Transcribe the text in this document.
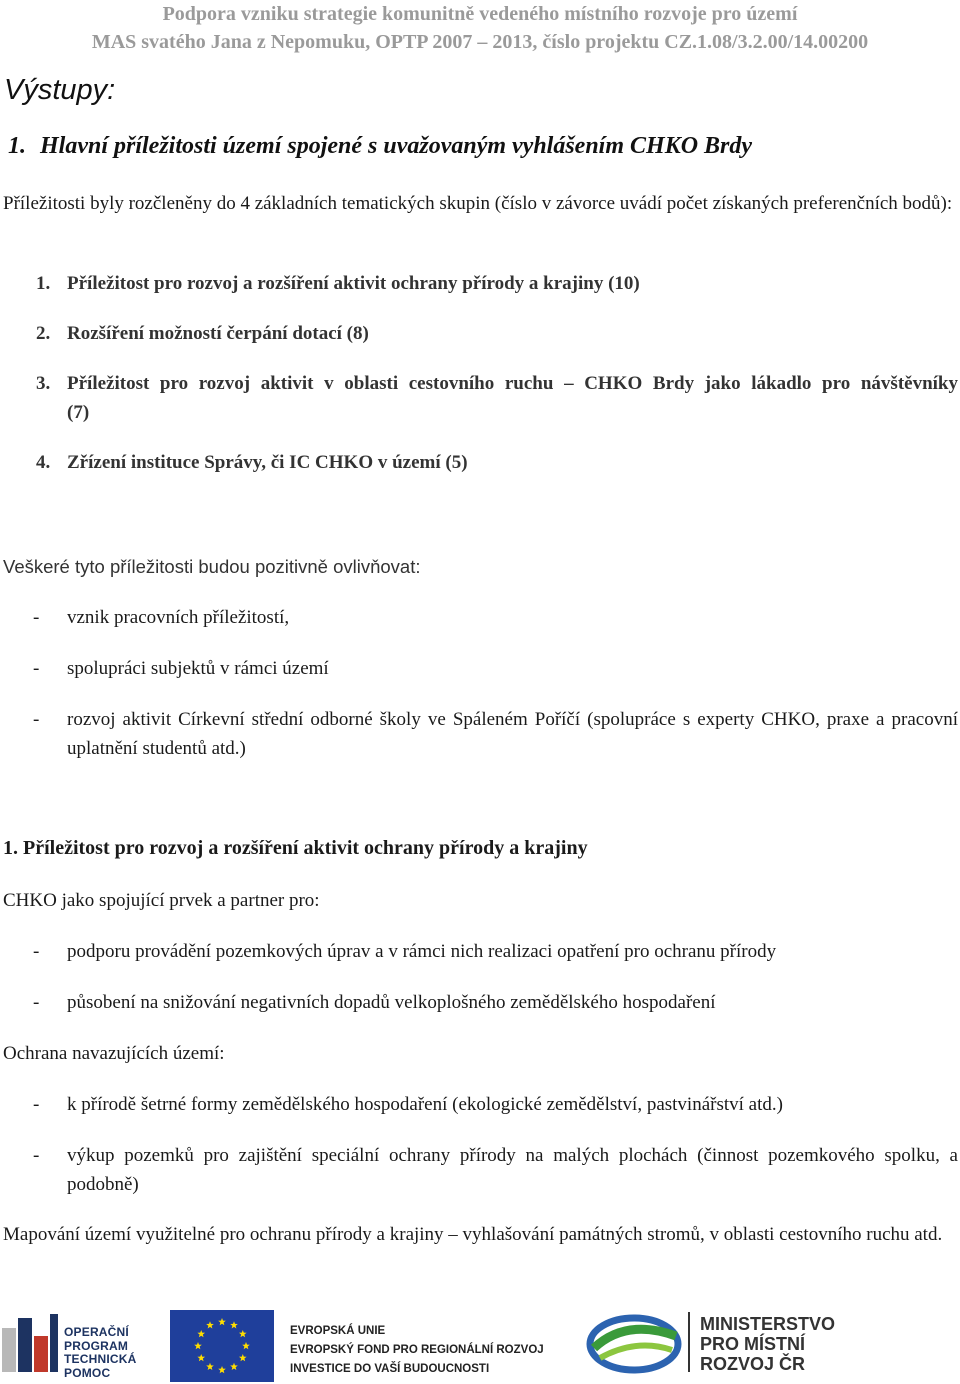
Podpora vzniku strategie komunitně vedeného místního rozvoje pro území
MAS svatého Jana z Nepomuku, OPTP 2007 – 2013, číslo projektu CZ.1.08/3.2.00/14.00200
Výstupy:
1. Hlavní příležitosti území spojené s uvažovaným vyhlášením CHKO Brdy

Příležitosti byly rozčleněny do 4 základních tematických skupin (číslo v závorce uvádí počet získaných preferenčních bodů):

1. Příležitost pro rozvoj a rozšíření aktivit ochrany přírody a krajiny (10)
2. Rozšíření možností čerpání dotací (8)
3. Příležitost pro rozvoj aktivit v oblasti cestovního ruchu – CHKO Brdy jako lákadlo pro návštěvníky (7)
4. Zřízení instituce Správy, či IC CHKO v území (5)

Veškeré tyto příležitosti budou pozitivně ovlivňovat:

- vznik pracovních příležitostí,
- spolupráci subjektů v rámci území
- rozvoj aktivit Církevní střední odborné školy ve Spáleném Poříčí (spolupráce s experty CHKO, praxe a pracovní uplatnění studentů atd.)
1. Příležitost pro rozvoj a rozšíření aktivit ochrany přírody a krajiny

CHKO jako spojující prvek a partner pro:

- podporu provádění pozemkových úprav a v rámci nich realizaci opatření pro ochranu přírody
- působení na snižování negativních dopadů velkoplošného zemědělského hospodaření

Ochrana navazujících území:

- k přírodě šetrné formy zemědělského hospodaření (ekologické zemědělství, pastvinářství atd.)
- výkup pozemků pro zajištění speciální ochrany přírody na malých plochách (činnost pozemkového spolku, a podobně)

Mapování území využitelné pro ochranu přírody a krajiny – vyhlašování památných stromů, v oblasti cestovního ruchu atd.

OPERAČNÍ
PROGRAM
TECHNICKÁ
POMOC
EVROPSKÁ UNIE
EVROPSKÝ FOND PRO REGIONÁLNÍ ROZVOJ
INVESTICE DO VAŠÍ BUDOUCNOSTI
MINISTERSTVO
PRO MÍSTNÍ
ROZVOJ ČR
